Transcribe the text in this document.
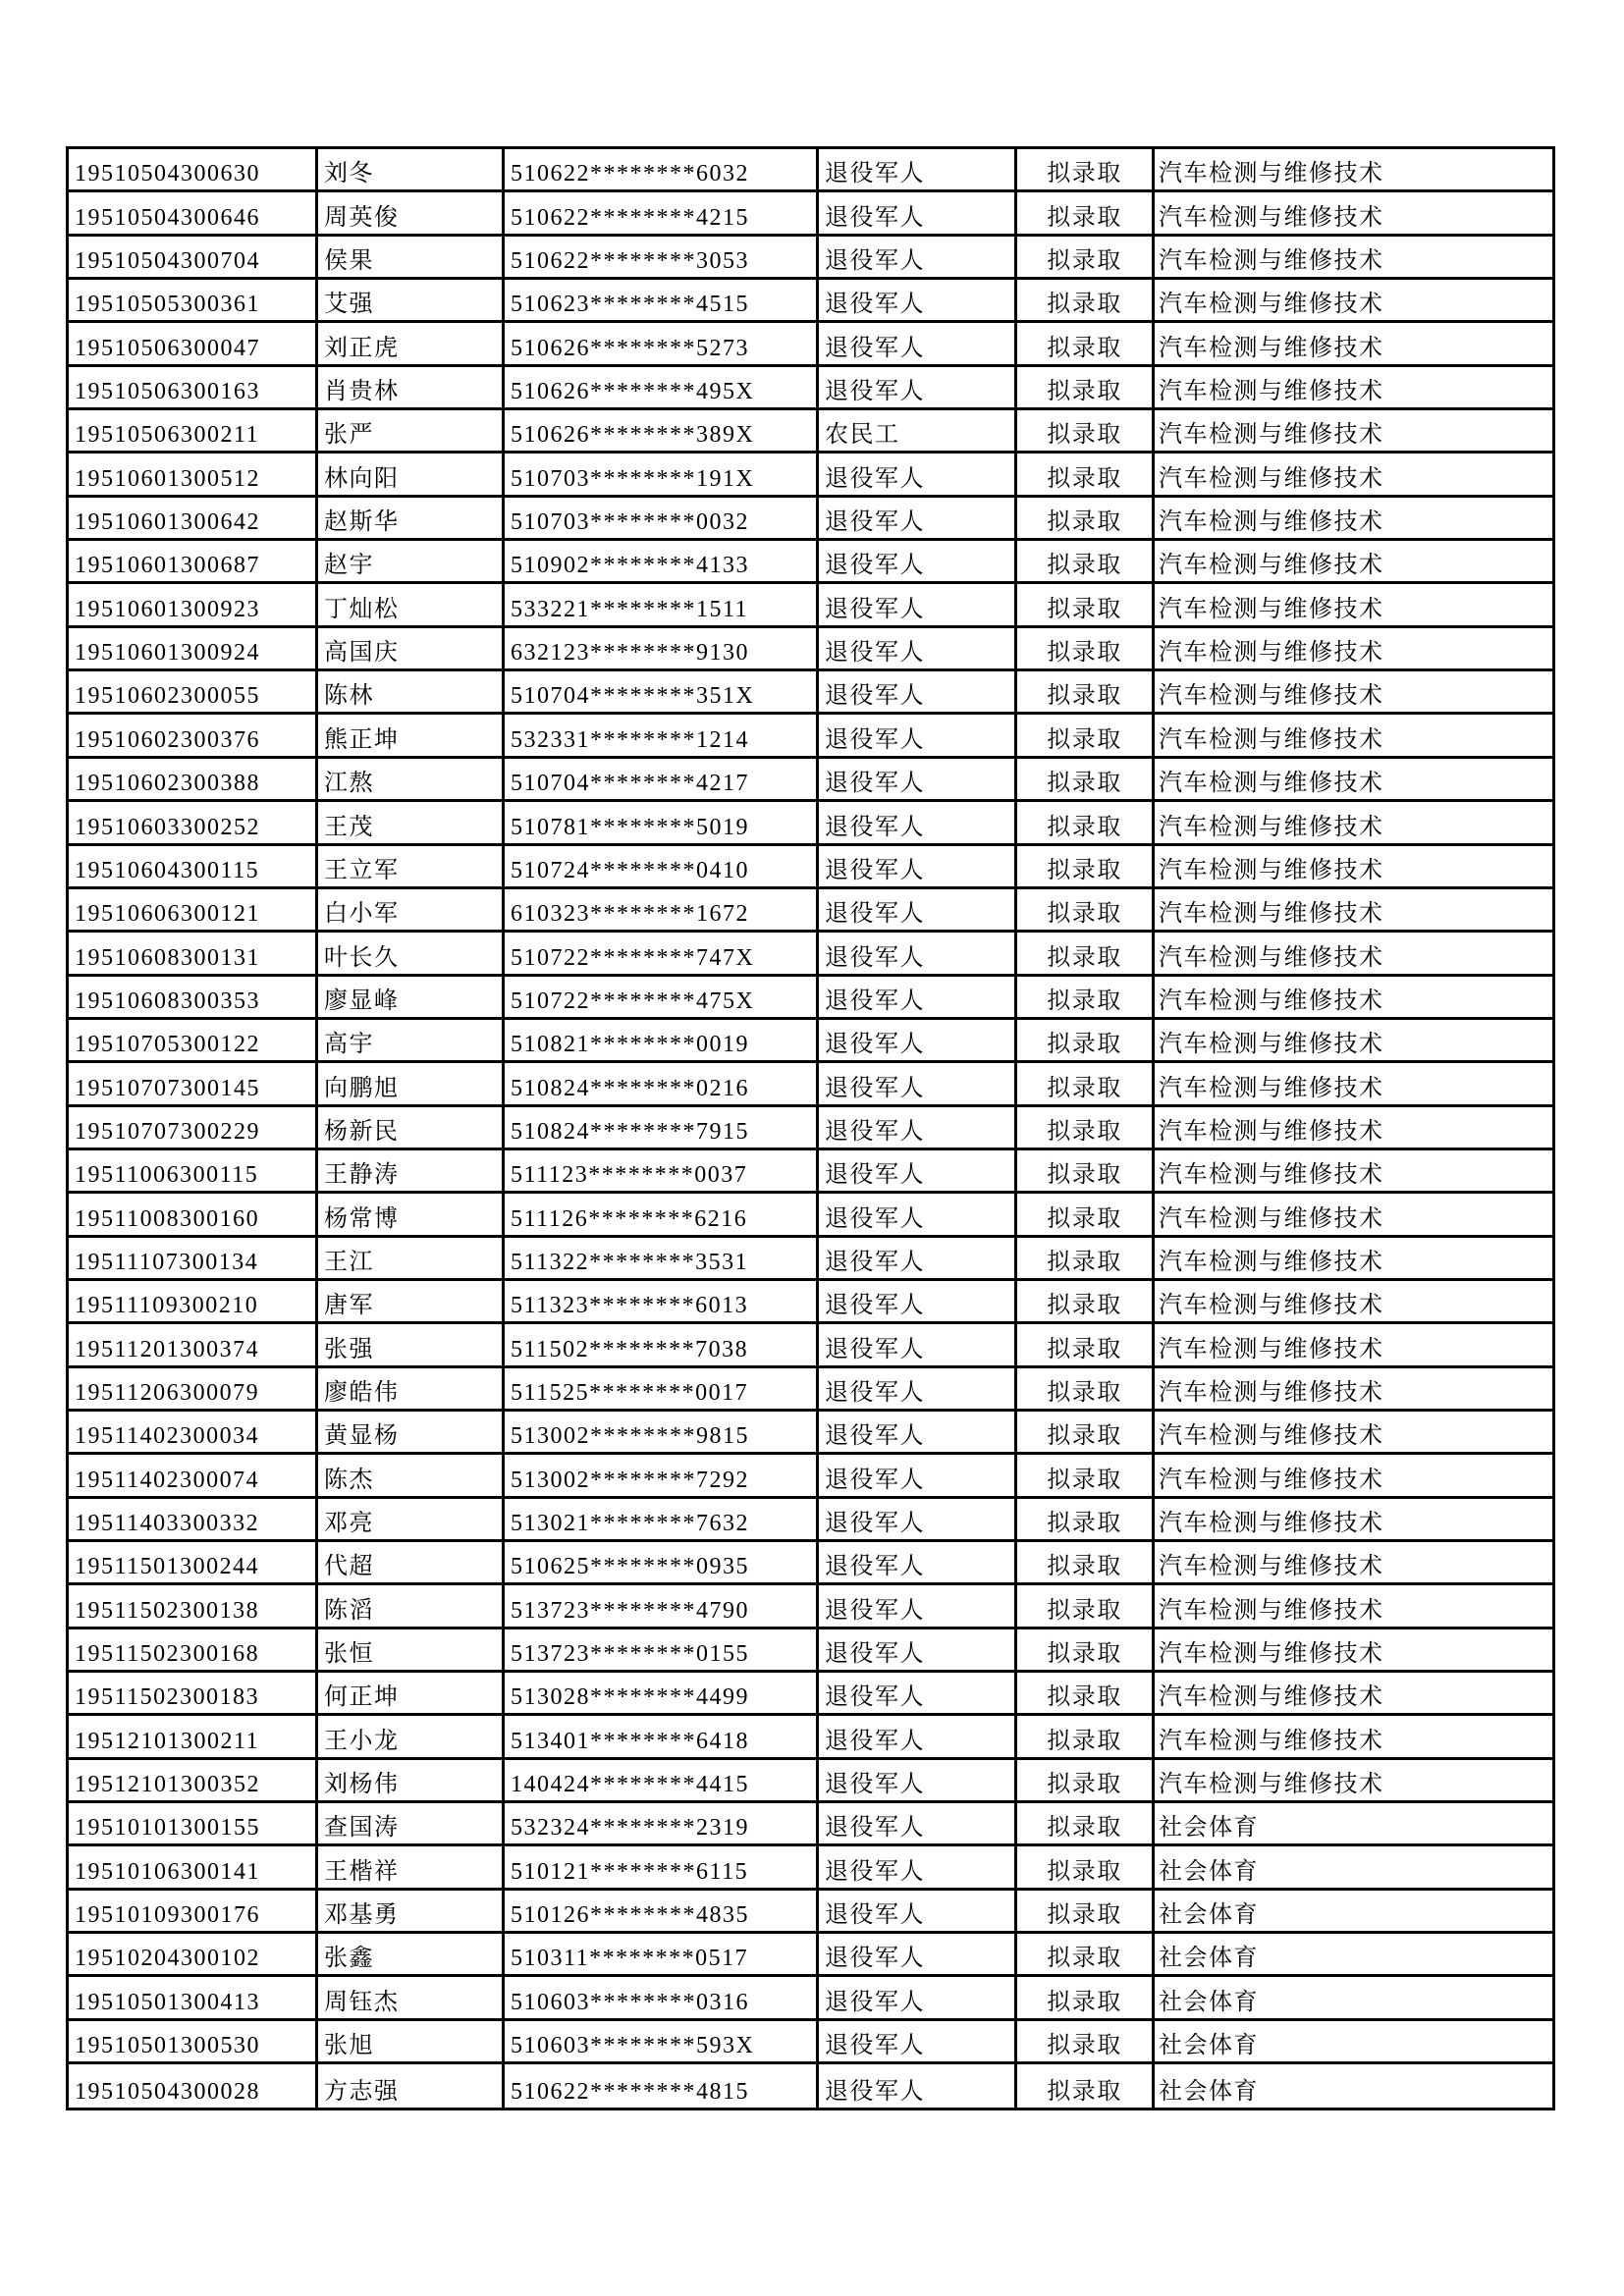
19510504300630	刘冬	510622********6032	退役军人	拟录取	汽车检测与维修技术
19510504300646	周英俊	510622********4215	退役军人	拟录取	汽车检测与维修技术
19510504300704	侯果	510622********3053	退役军人	拟录取	汽车检测与维修技术
19510505300361	艾强	510623********4515	退役军人	拟录取	汽车检测与维修技术
19510506300047	刘正虎	510626********5273	退役军人	拟录取	汽车检测与维修技术
19510506300163	肖贵林	510626********495X	退役军人	拟录取	汽车检测与维修技术
19510506300211	张严	510626********389X	农民工	拟录取	汽车检测与维修技术
19510601300512	林向阳	510703********191X	退役军人	拟录取	汽车检测与维修技术
19510601300642	赵斯华	510703********0032	退役军人	拟录取	汽车检测与维修技术
19510601300687	赵宇	510902********4133	退役军人	拟录取	汽车检测与维修技术
19510601300923	丁灿松	533221********1511	退役军人	拟录取	汽车检测与维修技术
19510601300924	高国庆	632123********9130	退役军人	拟录取	汽车检测与维修技术
19510602300055	陈林	510704********351X	退役军人	拟录取	汽车检测与维修技术
19510602300376	熊正坤	532331********1214	退役军人	拟录取	汽车检测与维修技术
19510602300388	江熬	510704********4217	退役军人	拟录取	汽车检测与维修技术
19510603300252	王茂	510781********5019	退役军人	拟录取	汽车检测与维修技术
19510604300115	王立军	510724********0410	退役军人	拟录取	汽车检测与维修技术
19510606300121	白小军	610323********1672	退役军人	拟录取	汽车检测与维修技术
19510608300131	叶长久	510722********747X	退役军人	拟录取	汽车检测与维修技术
19510608300353	廖显峰	510722********475X	退役军人	拟录取	汽车检测与维修技术
19510705300122	高宇	510821********0019	退役军人	拟录取	汽车检测与维修技术
19510707300145	向鹏旭	510824********0216	退役军人	拟录取	汽车检测与维修技术
19510707300229	杨新民	510824********7915	退役军人	拟录取	汽车检测与维修技术
19511006300115	王静涛	511123********0037	退役军人	拟录取	汽车检测与维修技术
19511008300160	杨常博	511126********6216	退役军人	拟录取	汽车检测与维修技术
19511107300134	王江	511322********3531	退役军人	拟录取	汽车检测与维修技术
19511109300210	唐军	511323********6013	退役军人	拟录取	汽车检测与维修技术
19511201300374	张强	511502********7038	退役军人	拟录取	汽车检测与维修技术
19511206300079	廖皓伟	511525********0017	退役军人	拟录取	汽车检测与维修技术
19511402300034	黄显杨	513002********9815	退役军人	拟录取	汽车检测与维修技术
19511402300074	陈杰	513002********7292	退役军人	拟录取	汽车检测与维修技术
19511403300332	邓亮	513021********7632	退役军人	拟录取	汽车检测与维修技术
19511501300244	代超	510625********0935	退役军人	拟录取	汽车检测与维修技术
19511502300138	陈滔	513723********4790	退役军人	拟录取	汽车检测与维修技术
19511502300168	张恒	513723********0155	退役军人	拟录取	汽车检测与维修技术
19511502300183	何正坤	513028********4499	退役军人	拟录取	汽车检测与维修技术
19512101300211	王小龙	513401********6418	退役军人	拟录取	汽车检测与维修技术
19512101300352	刘杨伟	140424********4415	退役军人	拟录取	汽车检测与维修技术
19510101300155	查国涛	532324********2319	退役军人	拟录取	社会体育
19510106300141	王楷祥	510121********6115	退役军人	拟录取	社会体育
19510109300176	邓基勇	510126********4835	退役军人	拟录取	社会体育
19510204300102	张鑫	510311********0517	退役军人	拟录取	社会体育
19510501300413	周钰杰	510603********0316	退役军人	拟录取	社会体育
19510501300530	张旭	510603********593X	退役军人	拟录取	社会体育
19510504300028	方志强	510622********4815	退役军人	拟录取	社会体育
